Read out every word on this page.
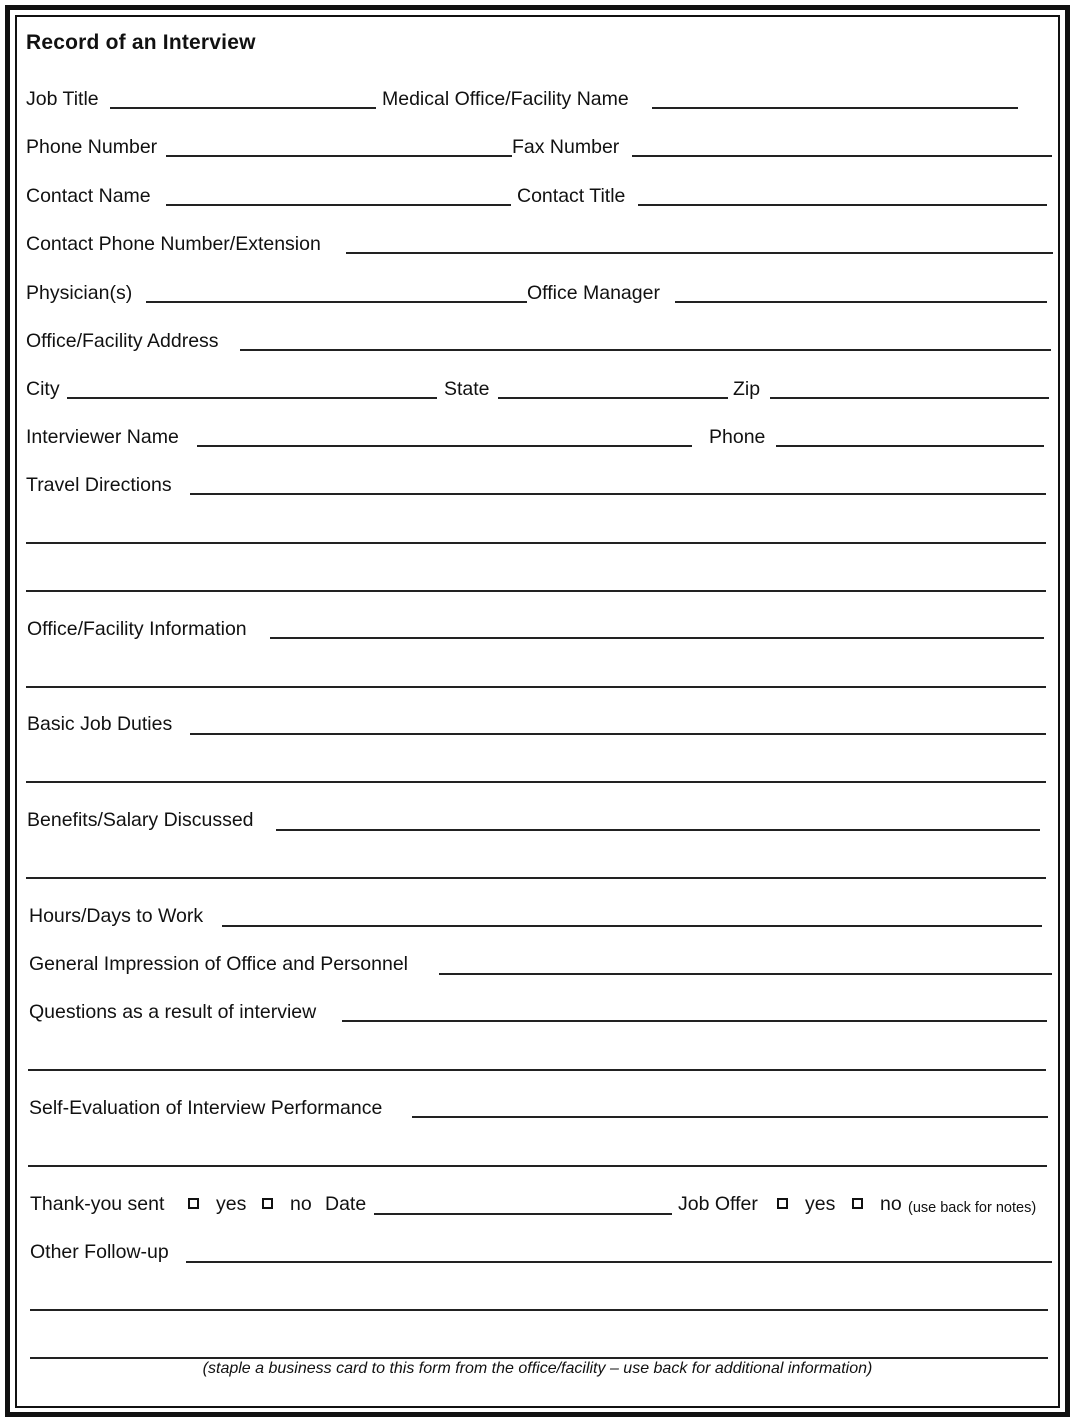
Record of an Interview
Job Title	Medical Office/Facility Name
Phone Number	Fax Number
Contact Name	Contact Title
Contact Phone Number/Extension
Physician(s)	Office Manager
Office/Facility Address
City	State	Zip
Interviewer Name	Phone
Travel Directions
Office/Facility Information
Basic Job Duties
Benefits/Salary Discussed
Hours/Days to Work
General Impression of Office and Personnel
Questions as a result of interview
Self-Evaluation of Interview Performance
Thank-you sent	yes no Date	Job Offer yes no (use back for notes)
Other Follow-up
(staple a business card to this form from the office/facility – use back for additional information)
